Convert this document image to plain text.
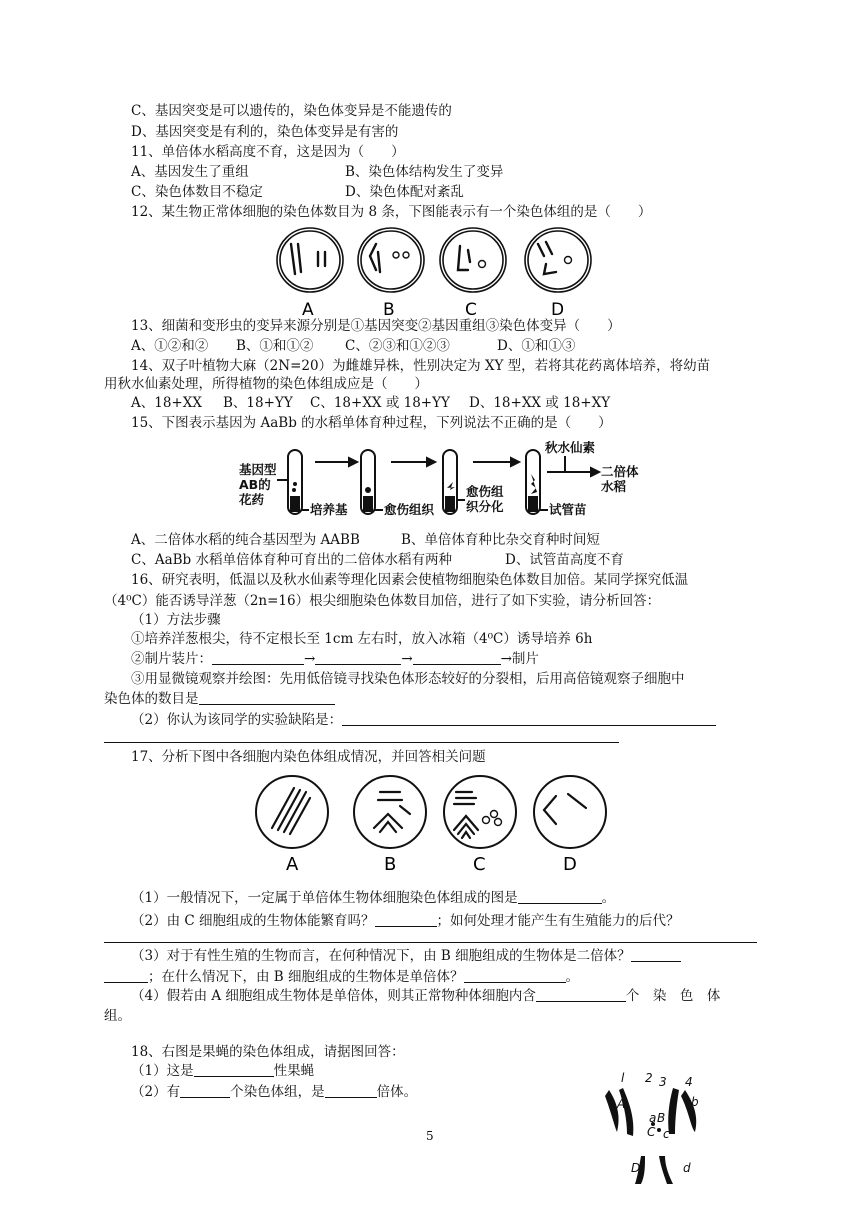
C、基因突变是可以遗传的，染色体变异是不能遗传的
D、基因突变是有利的，染色体变异是有害的
11、单倍体水稻高度不育，这是因为（　　）
A、基因发生了重组	B、染色体结构发生了变异
C、染色体数目不稳定	D、染色体配对紊乱
12、某生物正常体细胞的染色体数目为 8 条，下图能表示有一个染色体组的是（　　）
A	B	C	D
13、细菌和变形虫的变异来源分别是①基因突变②基因重组③染色体变异（　　）
A、①②和② B、①和①② C、②③和①②③	D、①和①③
14、双子叶植物大麻（2N=20）为雌雄异株，性别决定为 XY 型，若将其花药离体培养，将幼苗
用秋水仙素处理，所得植物的染色体组成应是（　　）
A、18+XX B、18+YY C、18+XX 或 18+YY D、18+XX 或 18+XY
15、下图表示基因为 AaBb 的水稻单体育种过程，下列说法不正确的是（　　）
基因型
AB的
花药
培养基	愈伤组织
愈伤组
织分化	试管苗
秋水仙素
二倍体
水稻
A、二倍体水稻的纯合基因型为 AABB	B、单倍体育种比杂交育种时间短
C、AaBb 水稻单倍体育种可育出的二倍体水稻有两种	D、试管苗高度不育
16、研究表明，低温以及秋水仙素等理化因素会使植物细胞染色体数目加倍。某同学探究低温
（4⁰C）能否诱导洋葱（2n=16）根尖细胞染色体数目加倍，进行了如下实验，请分析回答：
（1）方法步骤
①培养洋葱根尖，待不定根长至 1cm 左右时，放入冰箱（4⁰C）诱导培养 6h
②制片装片：	→	→	→制片
③用显微镜观察并绘图：先用低倍镜寻找染色体形态较好的分裂相，后用高倍镜观察子细胞中
染色体的数目是
（2）你认为该同学的实验缺陷是：
17、分析下图中各细胞内染色体组成情况，并回答相关问题
A	B	C	D
（1）一般情况下，一定属于单倍体生物体细胞染色体组成的图是	。
（2）由 C 细胞组成的生物体能繁育吗？	；如何处理才能产生有生殖能力的后代？
（3）对于有性生殖的生物而言，在何种情况下，由 B 细胞组成的生物体是二倍体？
；在什么情况下，由 B 细胞组成的生物体是单倍体？	。
（4）假若由 A 细胞组成生物体是单倍体，则其正常物种体细胞内含	个　染　色　体
组。
18、右图是果蝇的染色体组成，请据图回答：
（1）这是	性果蝇
（2）有	个染色体组，是	倍体。
l 2 3 4
A	b
a B
C c
D	d
5
